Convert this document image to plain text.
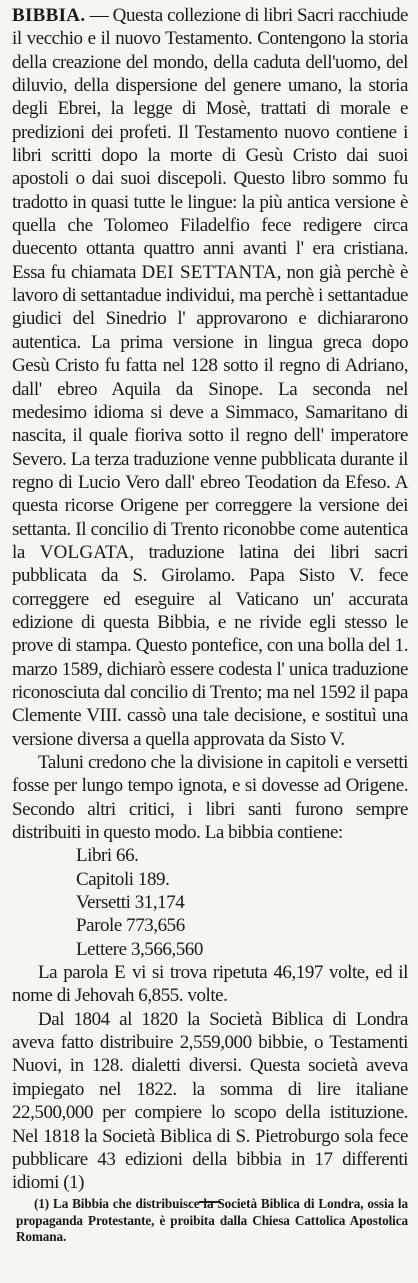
BIBBIA. — Questa collezione di libri Sacri racchiude il vecchio e il nuovo Testamento. Contengono la storia della creazione del mondo, della caduta dell'uomo, del diluvio, della dispersione del genere umano, la storia degli Ebrei, la legge di Mosè, trattati di morale e predizioni dei profeti. Il Testamento nuovo contiene i libri scritti dopo la morte di Gesù Cristo dai suoi apostoli o dai suoi discepoli. Questo libro sommo fu tradotto in quasi tutte le lingue: la più antica versione è quella che Tolomeo Filadelfio fece redigere circa duecento ottanta quattro anni avanti l' era cristiana. Essa fu chiamata DEI SETTANTA, non già perchè è lavoro di settantadue individui, ma perchè i settantadue giudici del Sinedrio l' approvarono e dichiararono autentica. La prima versione in lingua greca dopo Gesù Cristo fu fatta nel 128 sotto il regno di Adriano, dall' ebreo Aquila da Sinope. La seconda nel medesimo idioma si deve a Simmaco, Samaritano di nascita, il quale fioriva sotto il regno dell' imperatore Severo. La terza traduzione venne pubblicata durante il regno di Lucio Vero dall' ebreo Teodation da Efeso. A questa ricorse Origene per correggere la versione dei settanta. Il concilio di Trento riconobbe come autentica la VOLGATA, traduzione latina dei libri sacri pubblicata da S. Girolamo. Papa Sisto V. fece correggere ed eseguire al Vaticano un' accurata edizione di questa Bibbia, e ne rivide egli stesso le prove di stampa. Questo pontefice, con una bolla del 1. marzo 1589, dichiarò essere codesta l' unica traduzione riconosciuta dal concilio di Trento; ma nel 1592 il papa Clemente VIII. cassò una tale decisione, e sostituì una versione diversa a quella approvata da Sisto V.

Taluni credono che la divisione in capitoli e versetti fosse per lungo tempo ignota, e si dovesse ad Origene. Secondo altri critici, i libri santi furono sempre distribuiti in questo modo. La bibbia contiene:

Libri 66.
Capitoli 189.
Versetti 31,174
Parole 773,656
Lettere 3,566,560

La parola E vi si trova ripetuta 46,197 volte, ed il nome di Jehovah 6,855. volte.

Dal 1804 al 1820 la Società Biblica di Londra aveva fatto distribuire 2,559,000 bibbie, o Testamenti Nuovi, in 128. dialetti diversi. Questa società aveva impiegato nel 1822. la somma di lire italiane 22,500,000 per compiere lo scopo della istituzione. Nel 1818 la Società Biblica di S. Pietroburgo sola fece pubblicare 43 edizioni della bibbia in 17 differenti idiomi (1)

(1) La Bibbia che distribuisce la Società Biblica di Londra, ossia la propaganda Protestante, è proibita dalla Chiesa Cattolica Apostolica Romana.
